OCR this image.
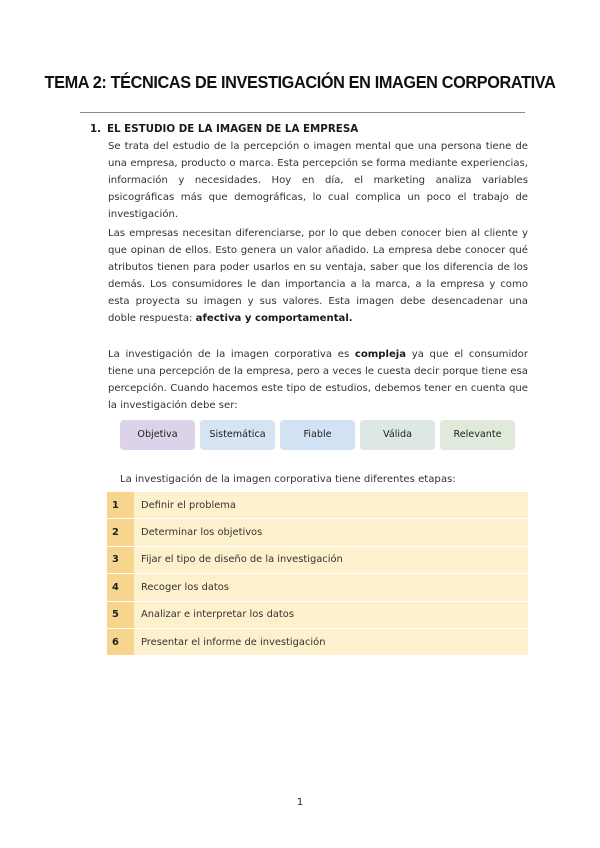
TEMA 2: TÉCNICAS DE INVESTIGACIÓN EN IMAGEN CORPORATIVA
1. EL ESTUDIO DE LA IMAGEN DE LA EMPRESA
Se trata del estudio de la percepción o imagen mental que una persona tiene de una empresa, producto o marca. Esta percepción se forma mediante experiencias, información y necesidades. Hoy en día, el marketing analiza variables psicográficas más que demográficas, lo cual complica un poco el trabajo de investigación.
Las empresas necesitan diferenciarse, por lo que deben conocer bien al cliente y que opinan de ellos. Esto genera un valor añadido. La empresa debe conocer qué atributos tienen para poder usarlos en su ventaja, saber que los diferencia de los demás. Los consumidores le dan importancia a la marca, a la empresa y como esta proyecta su imagen y sus valores. Esta imagen debe desencadenar una doble respuesta: afectiva y comportamental.
La investigación de la imagen corporativa es compleja ya que el consumidor tiene una percepción de la empresa, pero a veces le cuesta decir porque tiene esa percepción. Cuando hacemos este tipo de estudios, debemos tener en cuenta que la investigación debe ser:
Objetiva	Sistemática	Fiable	Válida	Relevante
La investigación de la imagen corporativa tiene diferentes etapas:
1	Definir el problema
2	Determinar los objetivos
3	Fijar el tipo de diseño de la investigación
4	Recoger los datos
5	Analizar e interpretar los datos
6	Presentar el informe de investigación
1
